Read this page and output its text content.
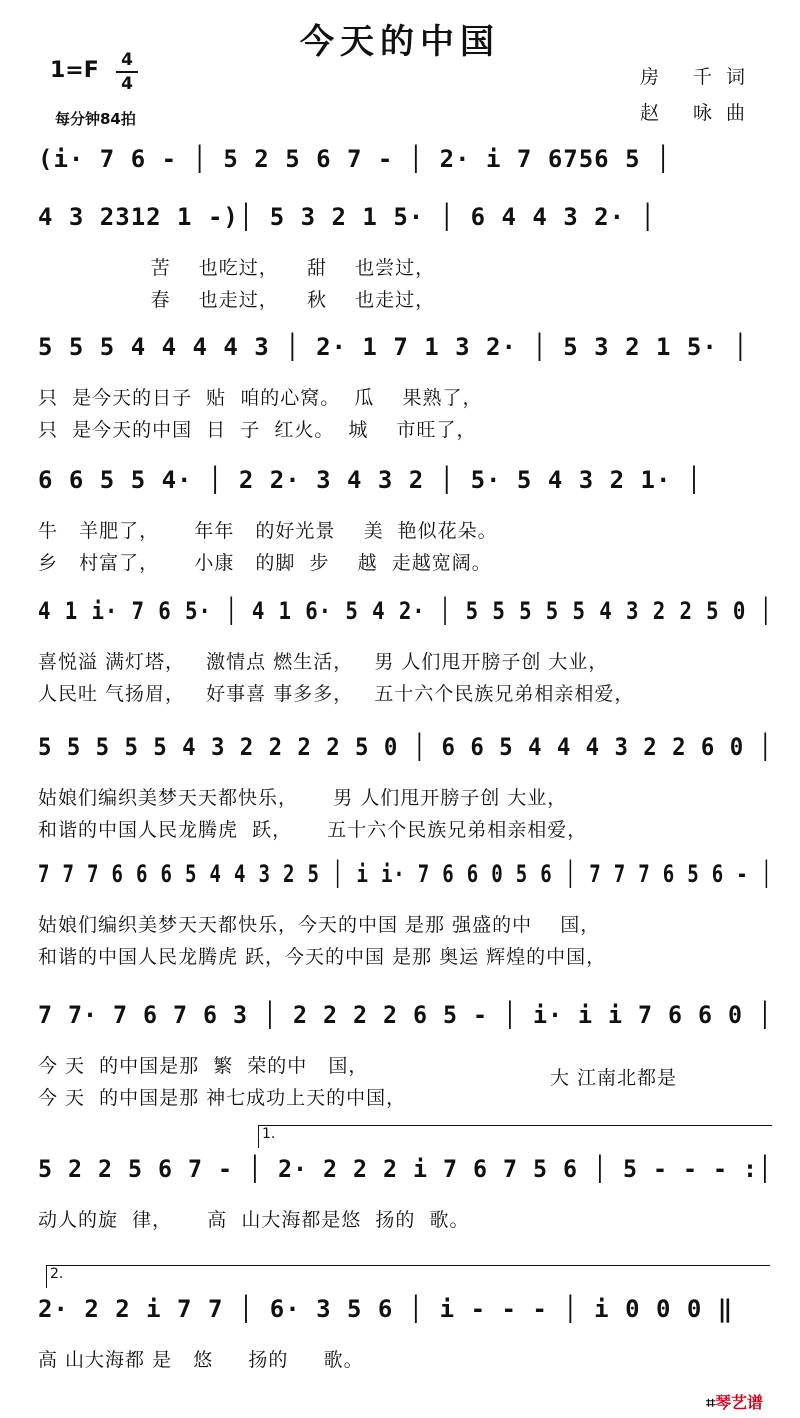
今天的中国
1=F 4
4
每分钟84拍
房 千词
赵 咏曲
(i· 7 6 - │ 5 2 5 6 7 - │ 2· i 7 6756 5 │
4 3 2312 1 -)│ 5 3 2 1 5· │ 6 4 4 3 2· │
苦    也吃过，    甜    也尝过，
春    也走过，    秋    也走过，
5 5 5 4 4 4 4 3 │ 2· 1 7 1 3 2· │ 5 3 2 1 5· │
只  是今天的日子  贴  咱的心窝。  瓜    果熟了，
只  是今天的中国  日  子  红火。  城    市旺了，
6 6 5 5 4· │ 2 2· 3 4 3 2 │ 5· 5 4 3 2 1· │
牛   羊肥了，     年年   的好光景    美  艳似花朵。
乡   村富了，     小康   的脚  步    越  走越宽阔。
4 1 i· 7 6 5· │ 4 1 6· 5 4 2· │ 5 5 5 5 5 4 3 2 2 5 0 │
喜悦溢 满灯塔，   激情点 燃生活，   男 人们甩开膀子创 大业，
人民吐 气扬眉，   好事喜 事多多，   五十六个民族兄弟相亲相爱，
5 5 5 5 5 4 3 2 2 2 2 5 0 │ 6 6 5 4 4 4 3 2 2 6 0 │
姑娘们编织美梦天天都快乐，     男 人们甩开膀子创 大业，
和谐的中国人民龙腾虎  跃，     五十六个民族兄弟相亲相爱，
7 7 7 6 6 6 5 4 4 3 2 5 │ i i· 7 6 6 0 5 6 │ 7 7 7 6 5 6 - │
姑娘们编织美梦天天都快乐，今天的中国 是那 强盛的中    国，
和谐的中国人民龙腾虎 跃，今天的中国 是那 奥运 辉煌的中国，
7 7· 7 6 7 6 3 │ 2 2 2 2 6 5 - │ i· i i 7 6 6 0 │
今 天  的中国是那  繁  荣的中   国，
今 天  的中国是那 神七成功上天的中国，
大 江南北都是
5 2 2 5 6 7 - │ 2· 2 2 2 i 7 6 7 5 6 │ 5 - - - :│
1.
动人的旋  律，     高  山大海都是悠  扬的  歌。
2· 2 2 i 7 7 │ 6· 3 5 6 │ i - - - │ i 0 0 0 ‖
2.
高 山大海都 是   悠     扬的     歌。
⌗琴艺谱
